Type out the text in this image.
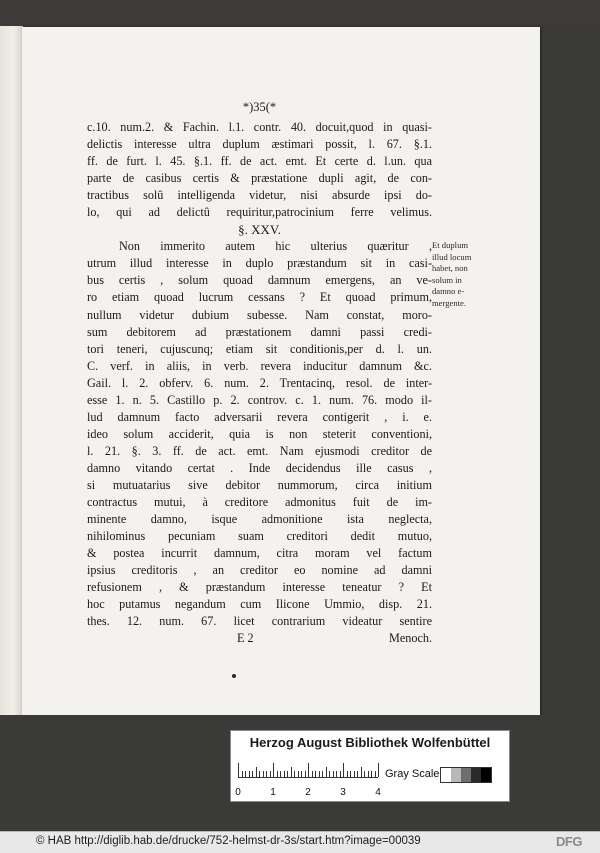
*)35(*
c.10. num.2. & Fachin. l.1. contr. 40. docuit,quod in quasi-
delictis interesse ultra duplum æstimari possit, l. 67. §.1.
ff. de furt. l. 45. §.1. ff. de act. emt. Et certe d. l.un. qua
parte de casibus certis & præstatione dupli agit, de con-
tractibus solû intelligenda videtur, nisi absurde ipsi do-
lo, qui ad delictû requiritur,patrocinium ferre velimus.
§. XXV.
Non immerito autem hic ulterius quæritur ,
utrum illud interesse in duplo præstandum sit in casi-
bus certis , solum quoad damnum emergens, an ve-
ro etiam quoad lucrum cessans ? Et quoad primum,
nullum videtur dubium subesse. Nam constat, moro-
sum debitorem ad præstationem damni passi credi-
tori teneri, cujuscunq; etiam sit conditionis,per d. l. un.
C. verf. in aliis, in verb. revera inducitur damnum &c.
Gail. l. 2. obferv. 6. num. 2. Trentacinq, resol. de inter-
esse 1. n. 5. Castillo p. 2. controv. c. 1. num. 76. modo il-
lud damnum facto adversarii revera contigerit , i. e.
ideo solum acciderit, quia is non steterit conventioni,
l. 21. §. 3. ff. de act. emt. Nam ejusmodi creditor de
damno vitando certat . Inde decidendus ille casus ,
si mutuatarius sive debitor nummorum, circa initium
contractus mutui, à creditore admonitus fuit de im-
minente damno, isque admonitione ista neglecta,
nihilominus pecuniam suam creditori dedit mutuo,
& postea incurrit damnum, citra moram vel factum
ipsius creditoris , an creditor eo nomine ad damni
refusionem , & præstandum interesse teneatur ? Et
hoc putamus negandum cum Ilicone Ummio, disp. 21.
thes. 12. num. 67. licet contrarium videatur sentire
E 2	Menoch.
Et duplum
illud locum
habet, non
solum in
damno e-
mergente.
Herzog August Bibliothek Wolfenbüttel
0	1	2	3	4
Gray Scale
© HAB http://diglib.hab.de/drucke/752-helmst-dr-3s/start.htm?image=00039	DFG
